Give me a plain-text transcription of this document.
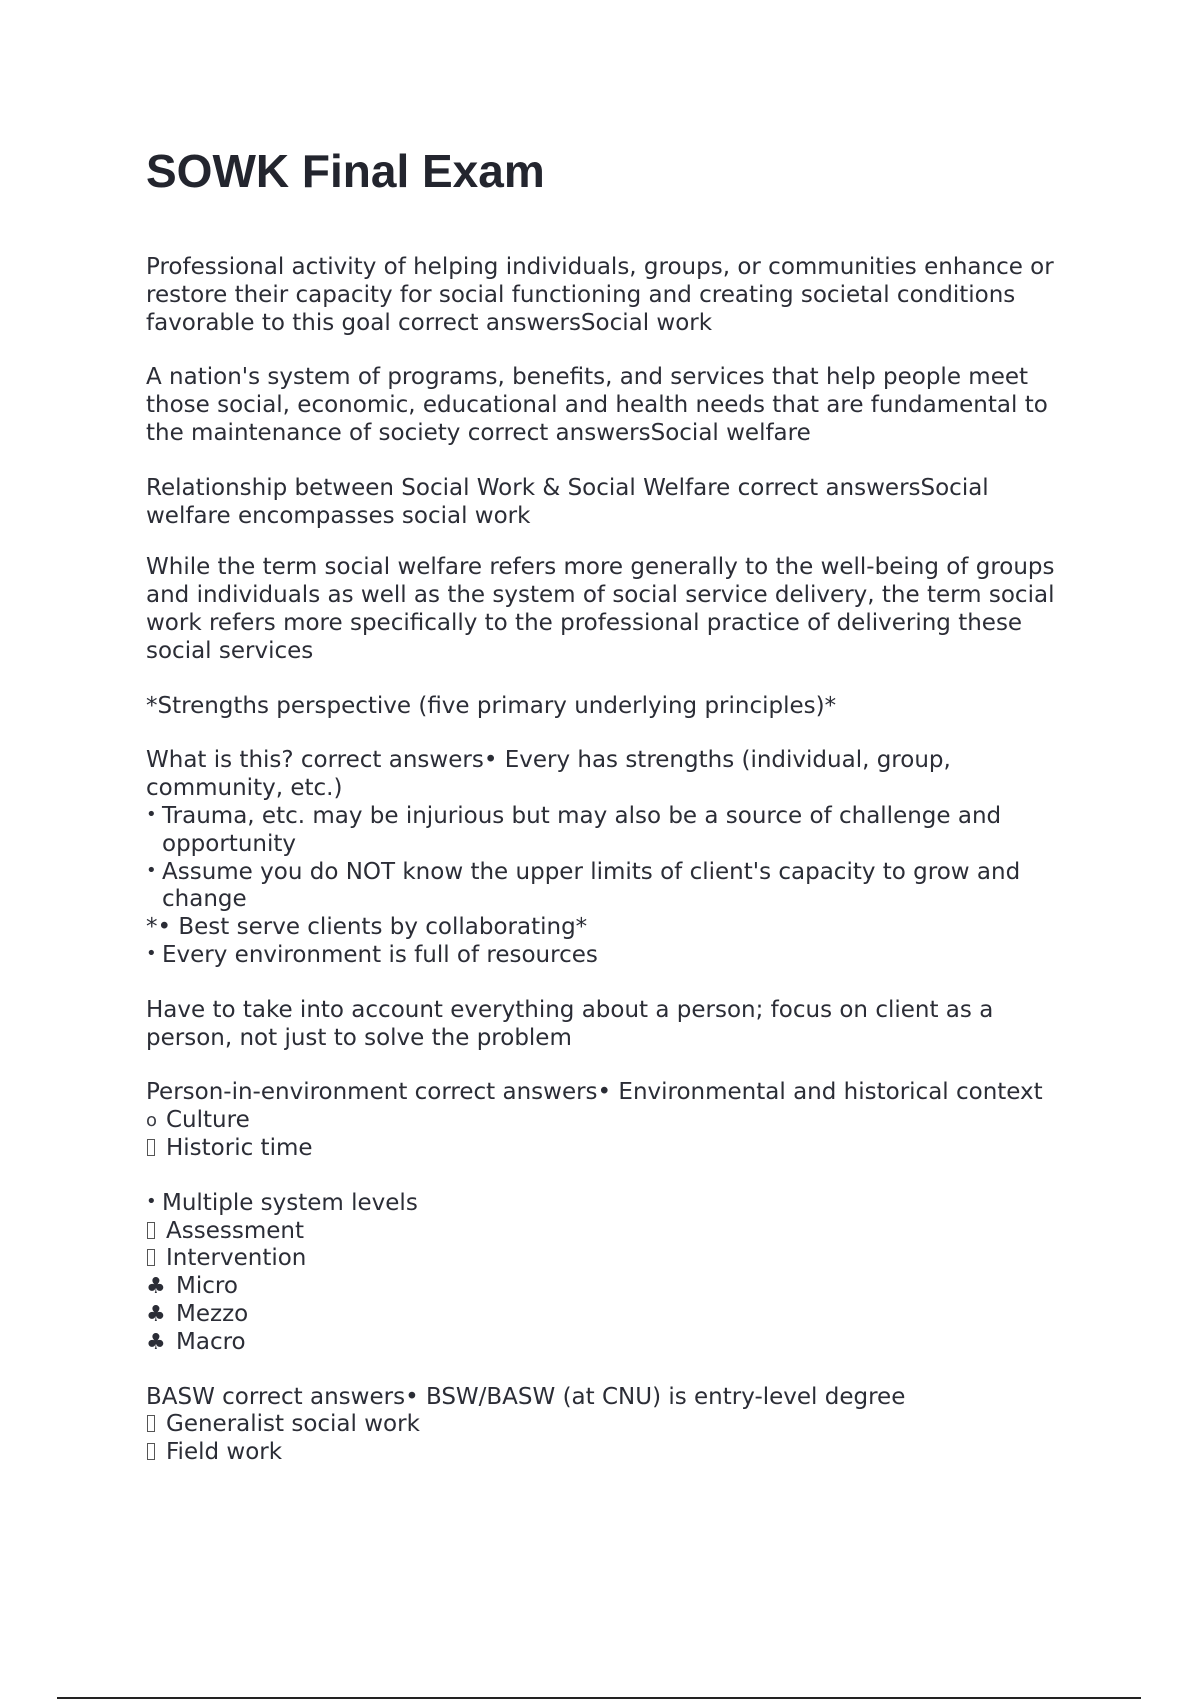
SOWK Final Exam

Professional activity of helping individuals, groups, or communities enhance or restore their capacity for social functioning and creating societal conditions favorable to this goal correct answersSocial work

A nation's system of programs, benefits, and services that help people meet those social, economic, educational and health needs that are fundamental to the maintenance of society correct answersSocial welfare

Relationship between Social Work & Social Welfare correct answersSocial welfare encompasses social work

While the term social welfare refers more generally to the well-being of groups and individuals as well as the system of social service delivery, the term social work refers more specifically to the professional practice of delivering these social services

*Strengths perspective (five primary underlying principles)*

What is this? correct answers• Every has strengths (individual, group, community, etc.)

• Trauma, etc. may be injurious but may also be a source of challenge and opportunity
• Assume you do NOT know the upper limits of client's capacity to grow and change
*• Best serve clients by collaborating*
• Every environment is full of resources

Have to take into account everything about a person; focus on client as a person, not just to solve the problem

Person-in-environment correct answers• Environmental and historical context

o Culture
Historic time
• Multiple system levels
Assessment
Intervention
♣ Micro
♣ Mezzo
♣ Macro

BASW correct answers• BSW/BASW (at CNU) is entry-level degree

Generalist social work
Field work
